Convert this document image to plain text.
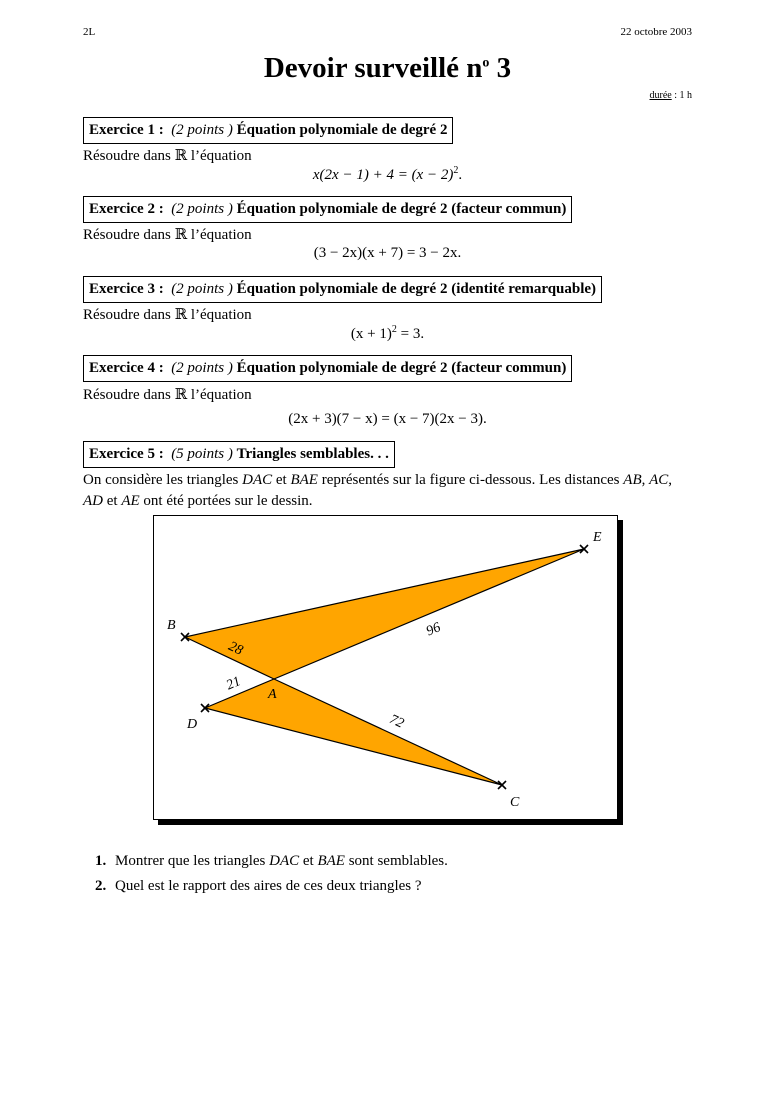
2L	22 octobre 2003
Devoir surveillé $n^o$ 3
durée : 1 h
Exercice 1 : (2 points ) Équation polynomiale de degré 2
Résoudre dans ℝ l’équation
$x(2x - 1) + 4 = (x - 2)^2$.
Exercice 2 : (2 points ) Équation polynomiale de degré 2 (facteur commun)
Résoudre dans ℝ l’équation
(3 − 2x)(x + 7) = 3 − 2x.
Exercice 3 : (2 points ) Équation polynomiale de degré 2 (identité remarquable)
Résoudre dans ℝ l’équation
$(x + 1)^2 = 3$.
Exercice 4 : (2 points ) Équation polynomiale de degré 2 (facteur commun)
Résoudre dans ℝ l’équation
(2x + 3)(7 − x) = (x − 7)(2x − 3).
Exercice 5 : (5 points ) Triangles semblables. . .
On considère les triangles DAC et BAE représentés sur la figure ci-dessous. Les distances AB, AC, AD et AE ont été portées sur le dessin.
E
B
A
D
C
28
21
96
72
1. Montrer que les triangles DAC et BAE sont semblables.
2. Quel est le rapport des aires de ces deux triangles ?
